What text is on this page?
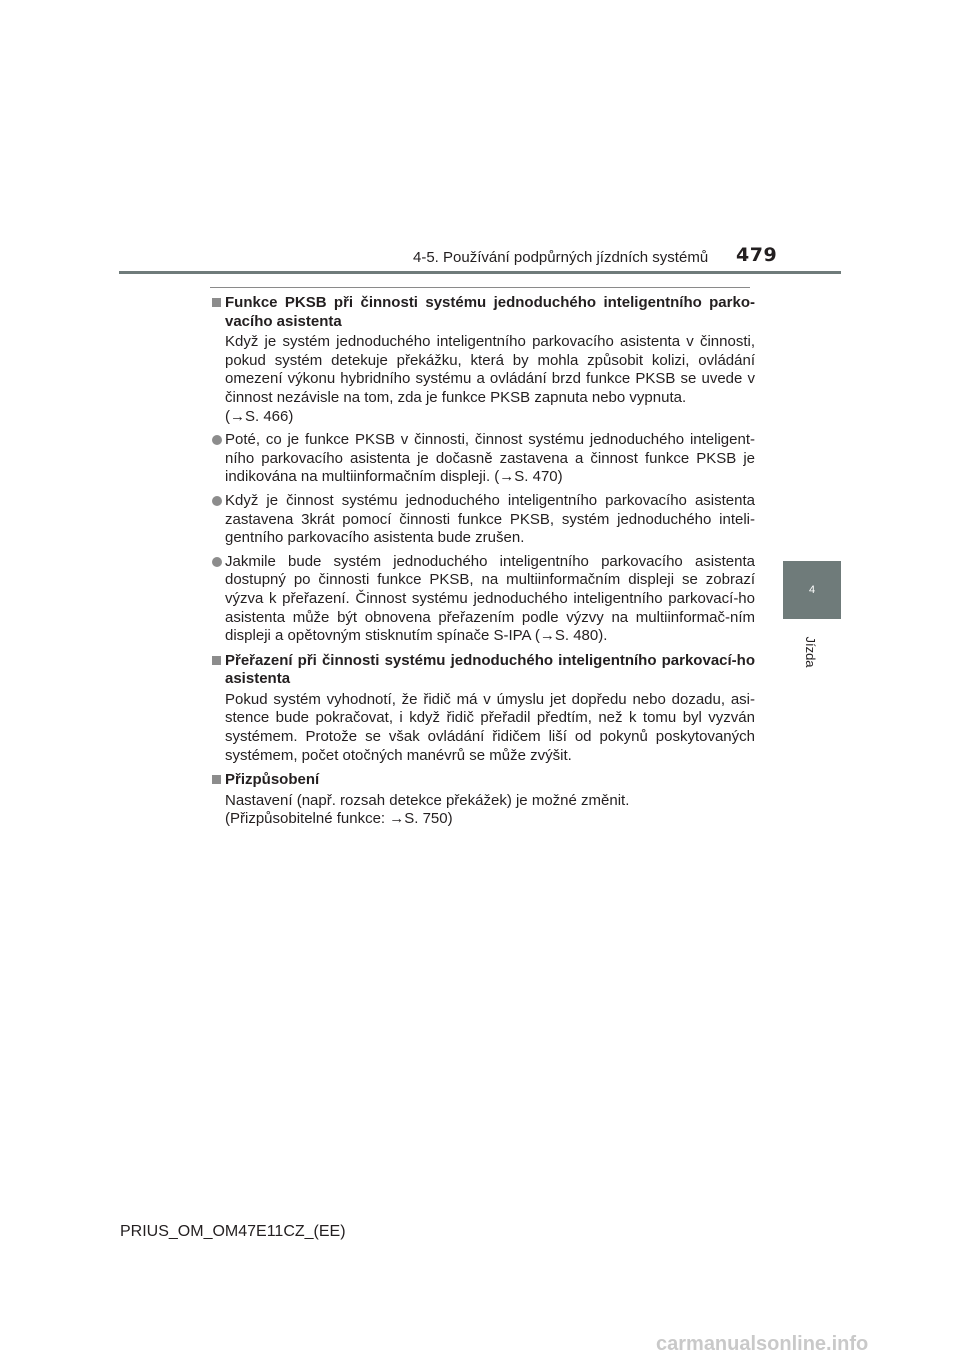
4-5. Používání podpůrných jízdních systémů 479
4
Jízda
Funkce PKSB při činnosti systému jednoduchého inteligentního parko-vacího asistenta
Když je systém jednoduchého inteligentního parkovacího asistenta v činnosti, pokud systém detekuje překážku, která by mohla způsobit kolizi, ovládání omezení výkonu hybridního systému a ovládání brzd funkce PKSB se uvede v činnost nezávisle na tom, zda je funkce PKSB zapnuta nebo vypnuta.
(→S. 466)
Poté, co je funkce PKSB v činnosti, činnost systému jednoduchého inteligent-ního parkovacího asistenta je dočasně zastavena a činnost funkce PKSB je indikována na multiinformačním displeji. (→S. 470)
Když je činnost systému jednoduchého inteligentního parkovacího asistenta zastavena 3krát pomocí činnosti funkce PKSB, systém jednoduchého inteli-gentního parkovacího asistenta bude zrušen.
Jakmile bude systém jednoduchého inteligentního parkovacího asistenta dostupný po činnosti funkce PKSB, na multiinformačním displeji se zobrazí výzva k přeřazení. Činnost systému jednoduchého inteligentního parkovací-ho asistenta může být obnovena přeřazením podle výzvy na multiinformač-ním displeji a opětovným stisknutím spínače S-IPA (→S. 480).
Přeřazení při činnosti systému jednoduchého inteligentního parkovací-ho asistenta
Pokud systém vyhodnotí, že řidič má v úmyslu jet dopředu nebo dozadu, asi-stence bude pokračovat, i když řidič přeřadil předtím, než k tomu byl vyzván systémem. Protože se však ovládání řidičem liší od pokynů poskytovaných systémem, počet otočných manévrů se může zvýšit.
Přizpůsobení
Nastavení (např. rozsah detekce překážek) je možné změnit.
(Přizpůsobitelné funkce: →S. 750)
PRIUS_OM_OM47E11CZ_(EE)
carmanualsonline.info
